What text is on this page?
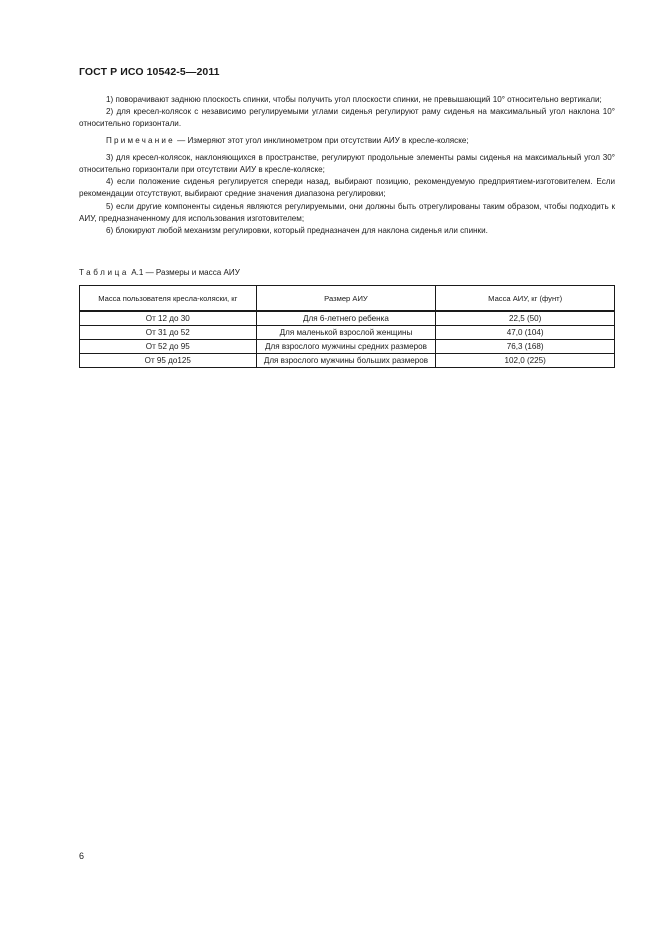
ГОСТ Р ИСО 10542-5—2011

1) поворачивают заднюю плоскость спинки, чтобы получить угол плоскости спинки, не превышающий 10° относительно вертикали;

2) для кресел-колясок с независимо регулируемыми углами сиденья регулируют раму сиденья на максимальный угол наклона 10° относительно горизонтали.

Примечание — Измеряют этот угол инклинометром при отсутствии АИУ в кресле-коляске;

3) для кресел-колясок, наклоняющихся в пространстве, регулируют продольные элементы рамы сиденья на максимальный угол 30° относительно горизонтали при отсутствии АИУ в кресле-коляске;

4) если положение сиденья регулируется спереди назад, выбирают позицию, рекомендуемую предприятием-изготовителем. Если рекомендации отсутствуют, выбирают средние значения диапазона регулировки;

5) если другие компоненты сиденья являются регулируемыми, они должны быть отрегулированы таким образом, чтобы подходить к АИУ, предназначенному для использования изготовителем;

6) блокируют любой механизм регулировки, который предназначен для наклона сиденья или спинки.

Таблица А.1 — Размеры и масса АИУ
Масса пользователя кресла-коляски, кг	Размер АИУ	Масса АИУ, кг (фунт)
От 12 до 30	Для 6-летнего ребенка	22,5 (50)
От 31 до 52	Для маленькой взрослой женщины	47,0 (104)
От 52 до 95	Для взрослого мужчины средних размеров	76,3 (168)
От 95 до125	Для взрослого мужчины больших размеров	102,0 (225)
6
